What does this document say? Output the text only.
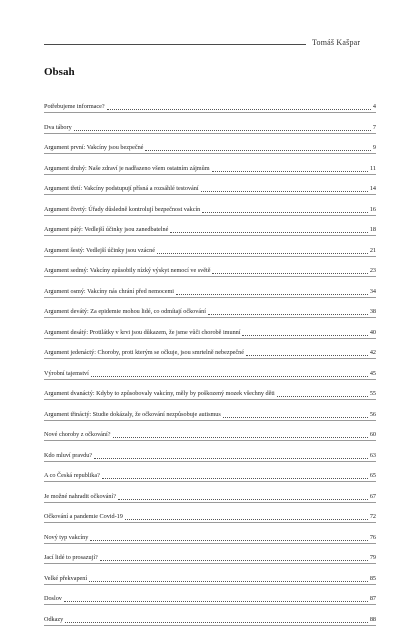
Tomáš Kašpar
Obsah
Potřebujeme informace?	4
Dva tábory	7
Argument první: Vakcíny jsou bezpečné	9
Argument druhý: Naše zdraví je nadřazeno všem ostatním zájmům	11
Argument třetí: Vakcíny podstupují přísná a rozsáhlé testování	14
Argument čtvrtý: Úřady důsledně kontrolují bezpečnost vakcín	16
Argument pátý: Vedlejší účinky jsou zanedbatelné	18
Argument šestý: Vedlejší účinky jsou vzácné	21
Argument sedmý: Vakcíny způsobily nízký výskyt nemocí ve světě	23
Argument osmý: Vakcíny nás chrání před nemocemi	34
Argument devátý: Za epidemie mohou lidé, co odmítají očkování	38
Argument desátý: Protilátky v krvi jsou důkazem, že jsme vůči chorobě imunní	40
Argument jedenáctý: Choroby, proti kterým se očkuje, jsou smrtelně nebezpečné	42
Výrobní tajemství	45
Argument dvanáctý: Kdyby to způsobovaly vakcíny, měly by poškozený mozek všechny děti	55
Argument třináctý: Studie dokázaly, že očkování nezpůsobuje autismus	56
Nové choroby z očkování?	60
Kdo mluví pravdu?	63
A co Česká republika?	65
Je možné nahradit očkování?	67
Očkování a pandemie Covid-19	72
Nový typ vakcíny	76
Jací lidé to prosazují?	79
Velké překvapení	85
Doslov	87
Odkazy	88
